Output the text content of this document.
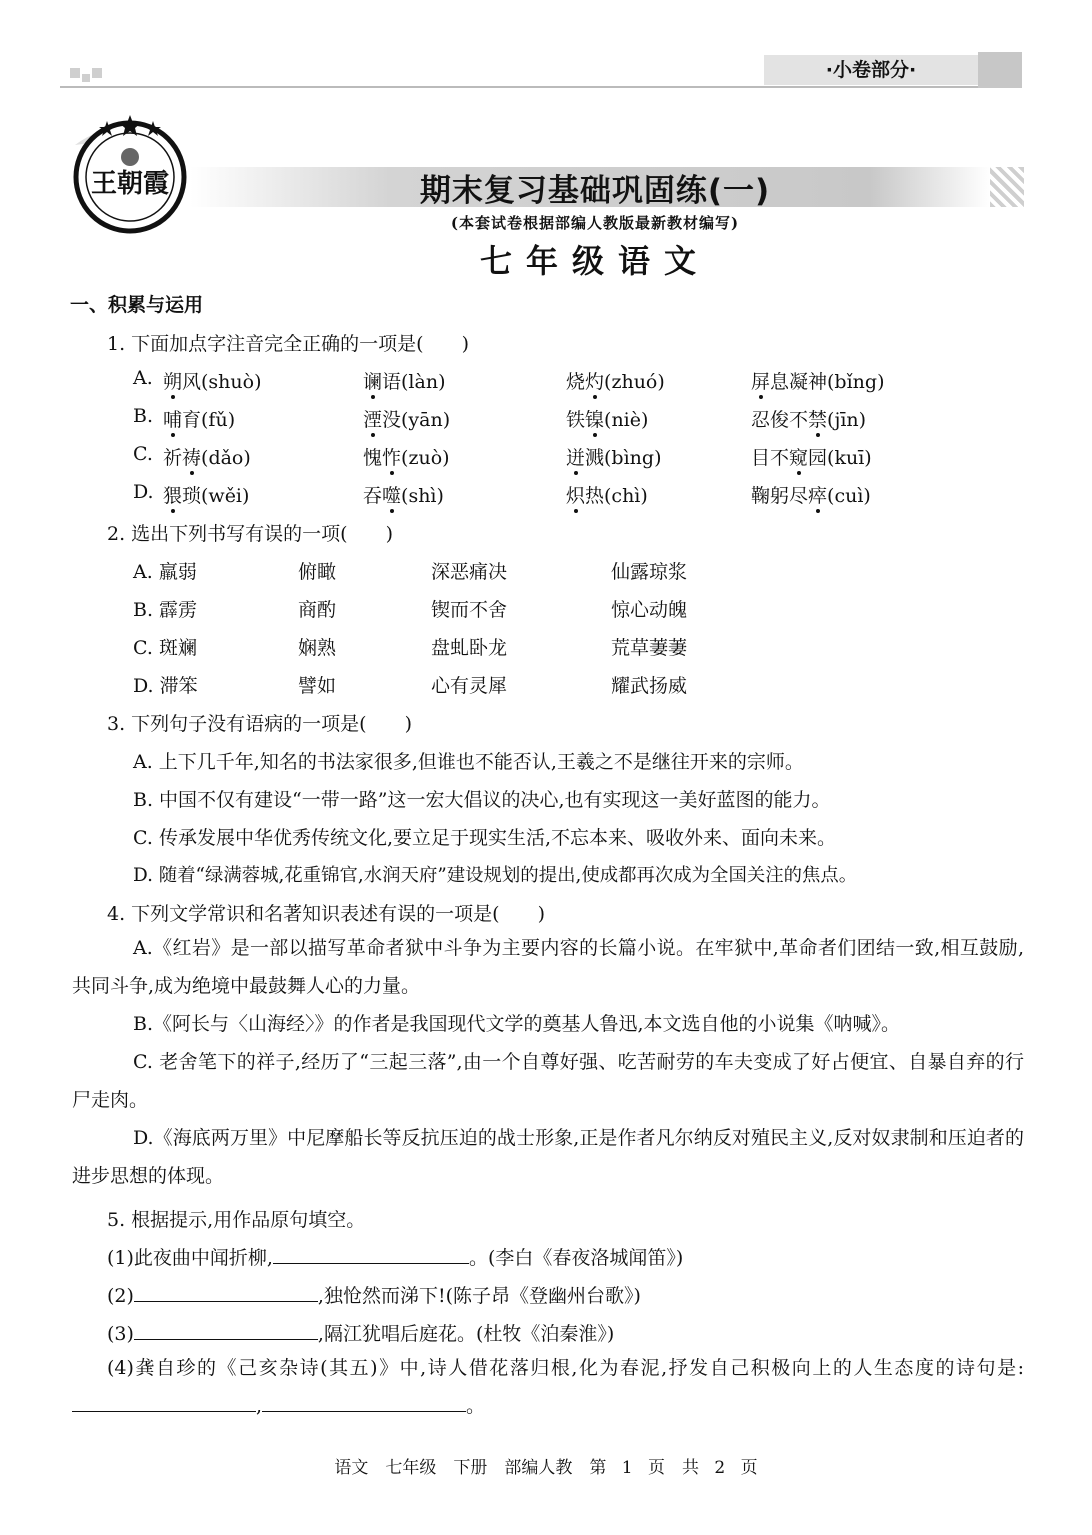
·小卷部分·
王朝霞	期末复习基础巩固练(一)
(本套试卷根据部编人教版最新教材编写)
七年级语文
一、积累与运用
1. 下面加点字注音完全正确的一项是(　　)
A. 朔风(shuò)	谰语(làn)	烧灼(zhuó)	屏息凝神(bǐng)
B. 哺育(fǔ)	湮没(yān)	铁镍(niè)	忍俊不禁(jīn)
C. 祈祷(dǎo)	愧怍(zuò)	迸溅(bìng)	目不窥园(kuī)
D. 猥琐(wěi)	吞噬(shì)	炽热(chì)	鞠躬尽瘁(cuì)
2. 选出下列书写有误的一项(　　)
A. 羸弱	俯瞰	深恶痛决	仙露琼浆
B. 霹雳	商酌	锲而不舍	惊心动魄
C. 斑斓	娴熟	盘虬卧龙	荒草萋萋
D. 滞笨	譬如	心有灵犀	耀武扬威
3. 下列句子没有语病的一项是(　　)
A. 上下几千年,知名的书法家很多,但谁也不能否认,王羲之不是继往开来的宗师。
B. 中国不仅有建设“一带一路”这一宏大倡议的决心,也有实现这一美好蓝图的能力。
C. 传承发展中华优秀传统文化,要立足于现实生活,不忘本来、吸收外来、面向未来。
D. 随着“绿满蓉城,花重锦官,水润天府”建设规划的提出,使成都再次成为全国关注的焦点。
4. 下列文学常识和名著知识表述有误的一项是(　　)
A.《红岩》是一部以描写革命者狱中斗争为主要内容的长篇小说。在牢狱中,革命者们团结一致,相互鼓励,共同斗争,成为绝境中最鼓舞人心的力量。
B.《阿长与〈山海经〉》的作者是我国现代文学的奠基人鲁迅,本文选自他的小说集《呐喊》。
C. 老舍笔下的祥子,经历了“三起三落”,由一个自尊好强、吃苦耐劳的车夫变成了好占便宜、自暴自弃的行尸走肉。
D.《海底两万里》中尼摩船长等反抗压迫的战士形象,正是作者凡尔纳反对殖民主义,反对奴隶制和压迫者的进步思想的体现。
5. 根据提示,用作品原句填空。
(1)此夜曲中闻折柳,	。(李白《春夜洛城闻笛》)
(2)	,独怆然而涕下!(陈子昂《登幽州台歌》)
(3)	,隔江犹唱后庭花。(杜牧《泊秦淮》)
(4)龚自珍的《己亥杂诗(其五)》中,诗人借花落归根,化为春泥,抒发自己积极向上的人生态度的诗句是:,	。
语文　七年级　下册　部编人教　第 1 页　共 2 页
